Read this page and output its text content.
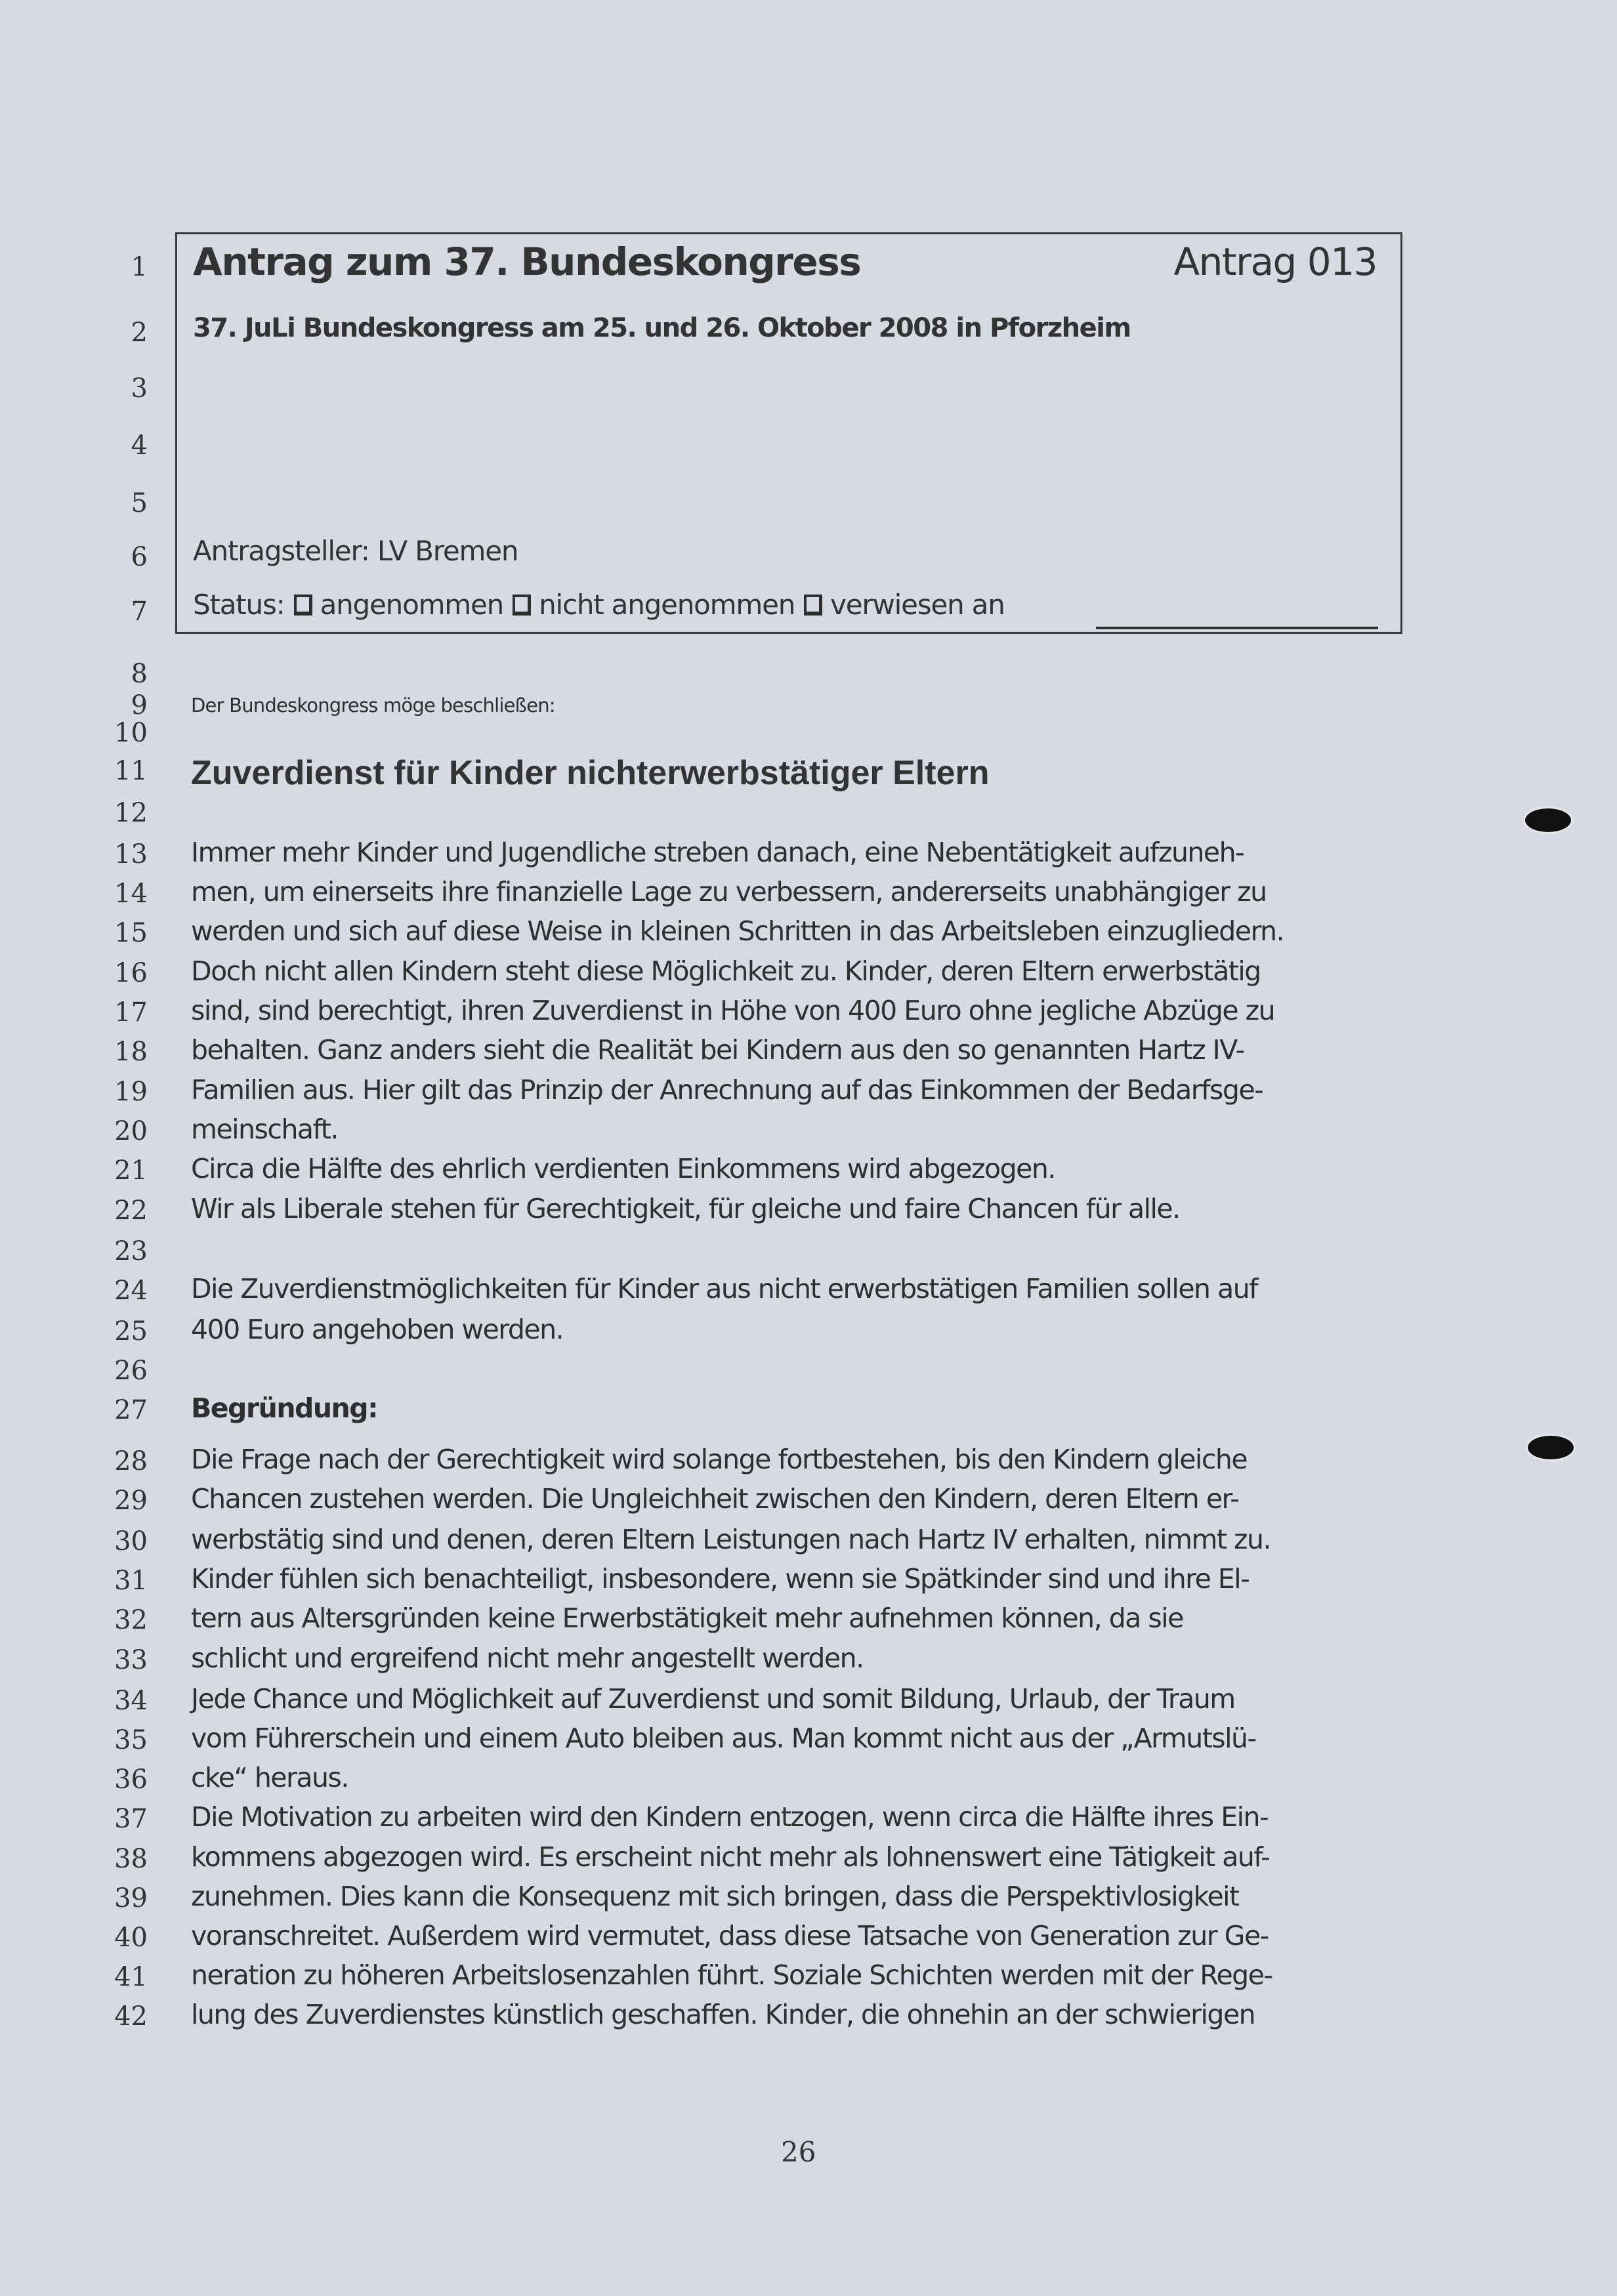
Antrag zum 37. Bundeskongress	Antrag 013
37. JuLi Bundeskongress am 25. und 26. Oktober 2008 in Pforzheim
Antragsteller: LV Bremen
Status: angenommen nicht angenommen verwiesen an
1
2
3
4
5
6
7
8
9
10
11
12
13
14
15
16
17
18
19
20
21
22
23
24
25
26
27
28
29
30
31
32
33
34
35
36
37
38
39
40
41
42
Der Bundeskongress möge beschließen:
Zuverdienst für Kinder nichterwerbstätiger Eltern
Immer mehr Kinder und Jugendliche streben danach, eine Nebentätigkeit aufzuneh-
men, um einerseits ihre finanzielle Lage zu verbessern, andererseits unabhängiger zu
werden und sich auf diese Weise in kleinen Schritten in das Arbeitsleben einzugliedern.
Doch nicht allen Kindern steht diese Möglichkeit zu. Kinder, deren Eltern erwerbstätig
sind, sind berechtigt, ihren Zuverdienst in Höhe von 400 Euro ohne jegliche Abzüge zu
behalten. Ganz anders sieht die Realität bei Kindern aus den so genannten Hartz IV-
Familien aus. Hier gilt das Prinzip der Anrechnung auf das Einkommen der Bedarfsge-
meinschaft.
Circa die Hälfte des ehrlich verdienten Einkommens wird abgezogen.
Wir als Liberale stehen für Gerechtigkeit, für gleiche und faire Chancen für alle.
Die Zuverdienstmöglichkeiten für Kinder aus nicht erwerbstätigen Familien sollen auf
400 Euro angehoben werden.
Begründung:
Die Frage nach der Gerechtigkeit wird solange fortbestehen, bis den Kindern gleiche
Chancen zustehen werden. Die Ungleichheit zwischen den Kindern, deren Eltern er-
werbstätig sind und denen, deren Eltern Leistungen nach Hartz IV erhalten, nimmt zu.
Kinder fühlen sich benachteiligt, insbesondere, wenn sie Spätkinder sind und ihre El-
tern aus Altersgründen keine Erwerbstätigkeit mehr aufnehmen können, da sie
schlicht und ergreifend nicht mehr angestellt werden.
Jede Chance und Möglichkeit auf Zuverdienst und somit Bildung, Urlaub, der Traum
vom Führerschein und einem Auto bleiben aus. Man kommt nicht aus der „Armutslü-
cke“ heraus.
Die Motivation zu arbeiten wird den Kindern entzogen, wenn circa die Hälfte ihres Ein-
kommens abgezogen wird. Es erscheint nicht mehr als lohnenswert eine Tätigkeit auf-
zunehmen. Dies kann die Konsequenz mit sich bringen, dass die Perspektivlosigkeit
voranschreitet. Außerdem wird vermutet, dass diese Tatsache von Generation zur Ge-
neration zu höheren Arbeitslosenzahlen führt. Soziale Schichten werden mit der Rege-
lung des Zuverdienstes künstlich geschaffen. Kinder, die ohnehin an der schwierigen
26
